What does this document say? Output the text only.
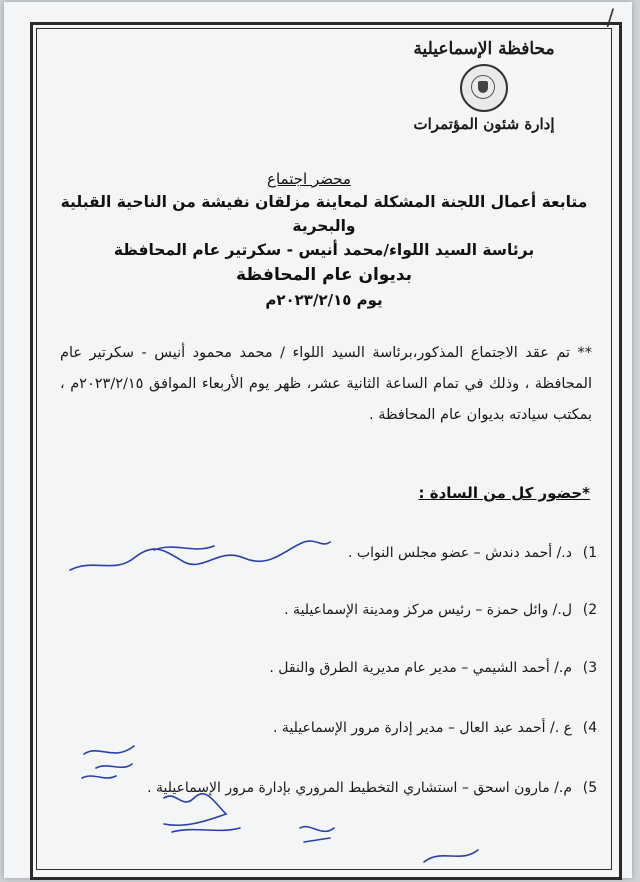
/
محافظة الإسماعيلية
إدارة شئون المؤتمرات
محضر اجتماع
متابعة أعمال اللجنة المشكلة لمعاينة مزلقان نفيشة من الناحية القبلية والبحرية
برئاسة السيد اللواء/محمد أنيس - سكرتير عام المحافظة
بديوان عام المحافظة
يوم ٢٠٢٣/٢/١٥م
** تم عقد الاجتماع المذكور،برئاسة السيد اللواء / محمد محمود أنيس - سكرتير عام المحافظة ، وذلك في تمام الساعة الثانية عشر، ظهر يوم الأربعاء الموافق ٢٠٢٣/٢/١٥م ، بمكتب سيادته بديوان عام المحافظة .
*حضور كل من السادة :
1)د./ أحمد دندش – عضو مجلس النواب .
2)ل./ وائل حمزة – رئيس مركز ومدينة الإسماعيلية .
3)م./ أحمد الشيمي – مدير عام مديرية الطرق والنقل .
4)ع ./ أحمد عبد العال – مدير إدارة مرور الإسماعيلية .
5)م./ مارون اسحق – استشاري التخطيط المروري بإدارة مرور الإسماعيلية .
